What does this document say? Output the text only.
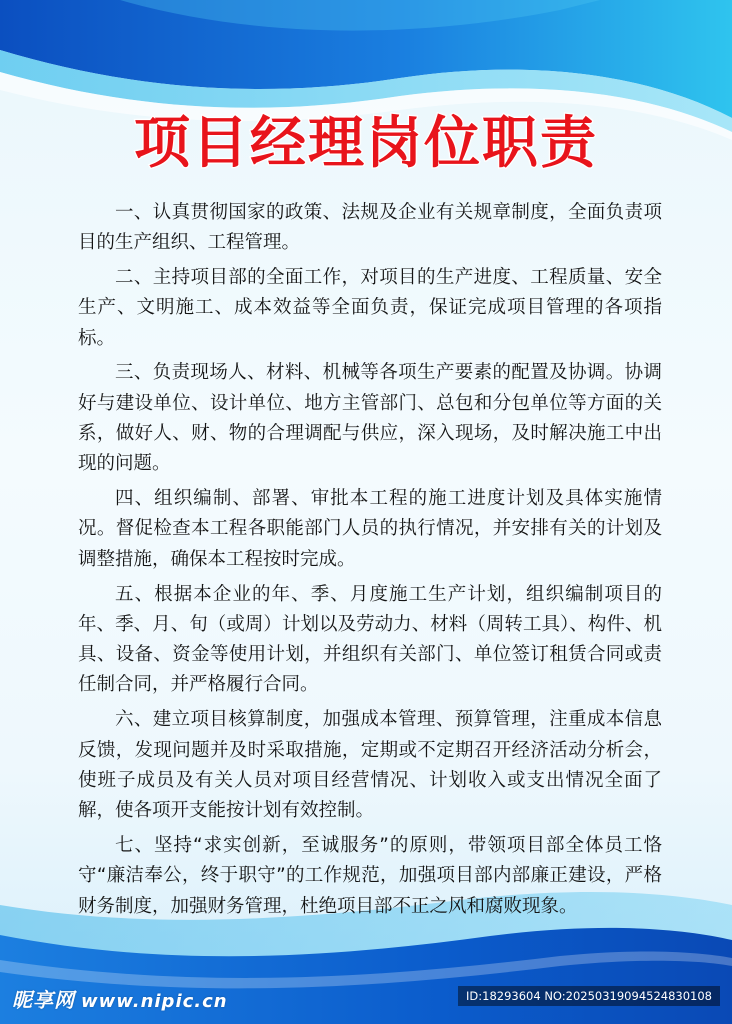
项目经理岗位职责

一、认真贯彻国家的政策、法规及企业有关规章制度，全面负责项目的生产组织、工程管理。

二、主持项目部的全面工作，对项目的生产进度、工程质量、安全生产、文明施工、成本效益等全面负责，保证完成项目管理的各项指标。

三、负责现场人、材料、机械等各项生产要素的配置及协调。协调好与建设单位、设计单位、地方主管部门、总包和分包单位等方面的关系，做好人、财、物的合理调配与供应，深入现场，及时解决施工中出现的问题。

四、组织编制、部署、审批本工程的施工进度计划及具体实施情况。督促检查本工程各职能部门人员的执行情况，并安排有关的计划及调整措施，确保本工程按时完成。

五、根据本企业的年、季、月度施工生产计划，组织编制项目的年、季、月、旬（或周）计划以及劳动力、材料（周转工具）、构件、机具、设备、资金等使用计划，并组织有关部门、单位签订租赁合同或责任制合同，并严格履行合同。

六、建立项目核算制度，加强成本管理、预算管理，注重成本信息反馈，发现问题并及时采取措施，定期或不定期召开经济活动分析会，使班子成员及有关人员对项目经营情况、计划收入或支出情况全面了解，使各项开支能按计划有效控制。

七、坚持“求实创新，至诚服务”的原则，带领项目部全体员工恪守“廉洁奉公，终于职守”的工作规范，加强项目部内部廉正建设，严格财务制度，加强财务管理，杜绝项目部不正之风和腐败现象。

昵享网 www.nipic.cn	ID:18293604 NO:20250319094524830108
